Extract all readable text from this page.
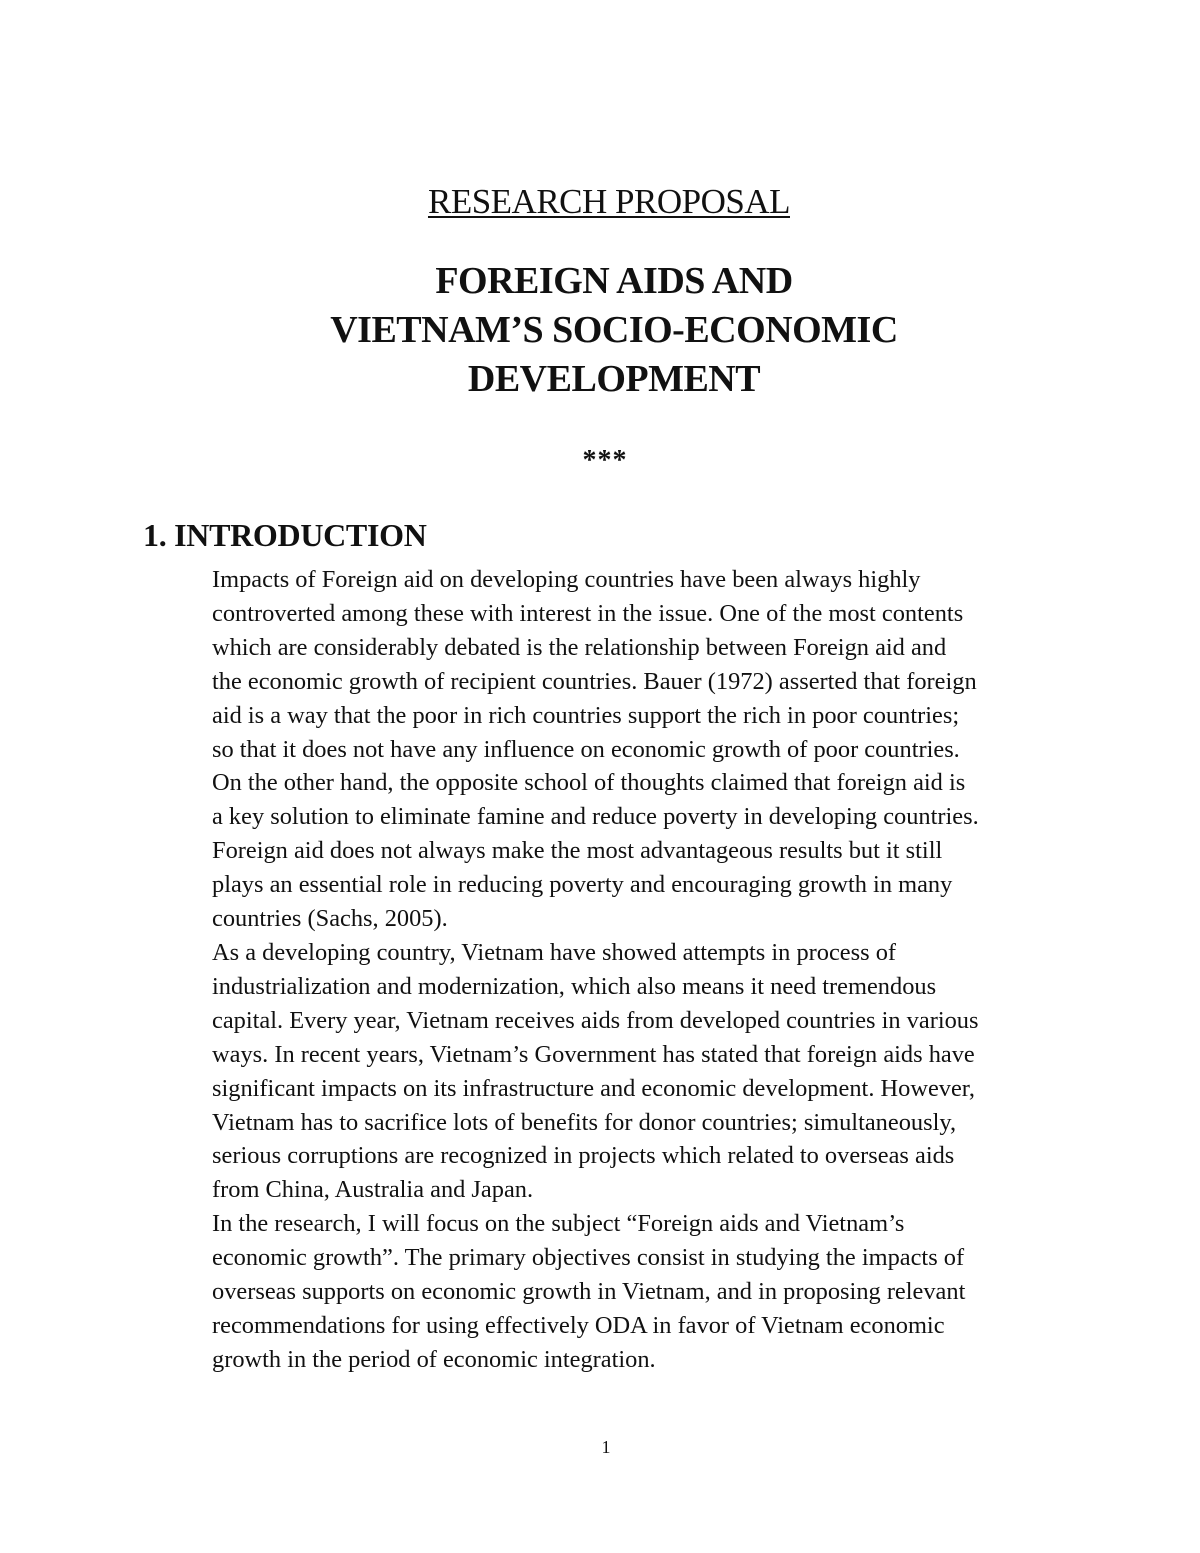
RESEARCH PROPOSAL
FOREIGN AIDS AND
VIETNAM’S SOCIO-ECONOMIC
DEVELOPMENT
***
1. INTRODUCTION

Impacts of Foreign aid on developing countries have been always highly
controverted among these with interest in the issue. One of the most contents
which are considerably debated is the relationship between Foreign aid and
the economic growth of recipient countries. Bauer (1972) asserted that foreign
aid is a way that the poor in rich countries support the rich in poor countries;
so that it does not have any influence on economic growth of poor countries.
On the other hand, the opposite school of thoughts claimed that foreign aid is
a key solution to eliminate famine and reduce poverty in developing countries.
Foreign aid does not always make the most advantageous results but it still
plays an essential role in reducing poverty and encouraging growth in many
countries (Sachs, 2005).

As a developing country, Vietnam have showed attempts in process of
industrialization and modernization, which also means it need tremendous
capital. Every year, Vietnam receives aids from developed countries in various
ways. In recent years, Vietnam’s Government has stated that foreign aids have
significant impacts on its infrastructure and economic development. However,
Vietnam has to sacrifice lots of benefits for donor countries; simultaneously,
serious corruptions are recognized in projects which related to overseas aids
from China, Australia and Japan.

In the research, I will focus on the subject “Foreign aids and Vietnam’s
economic growth”. The primary objectives consist in studying the impacts of
overseas supports on economic growth in Vietnam, and in proposing relevant
recommendations for using effectively ODA in favor of Vietnam economic
growth in the period of economic integration.

1
